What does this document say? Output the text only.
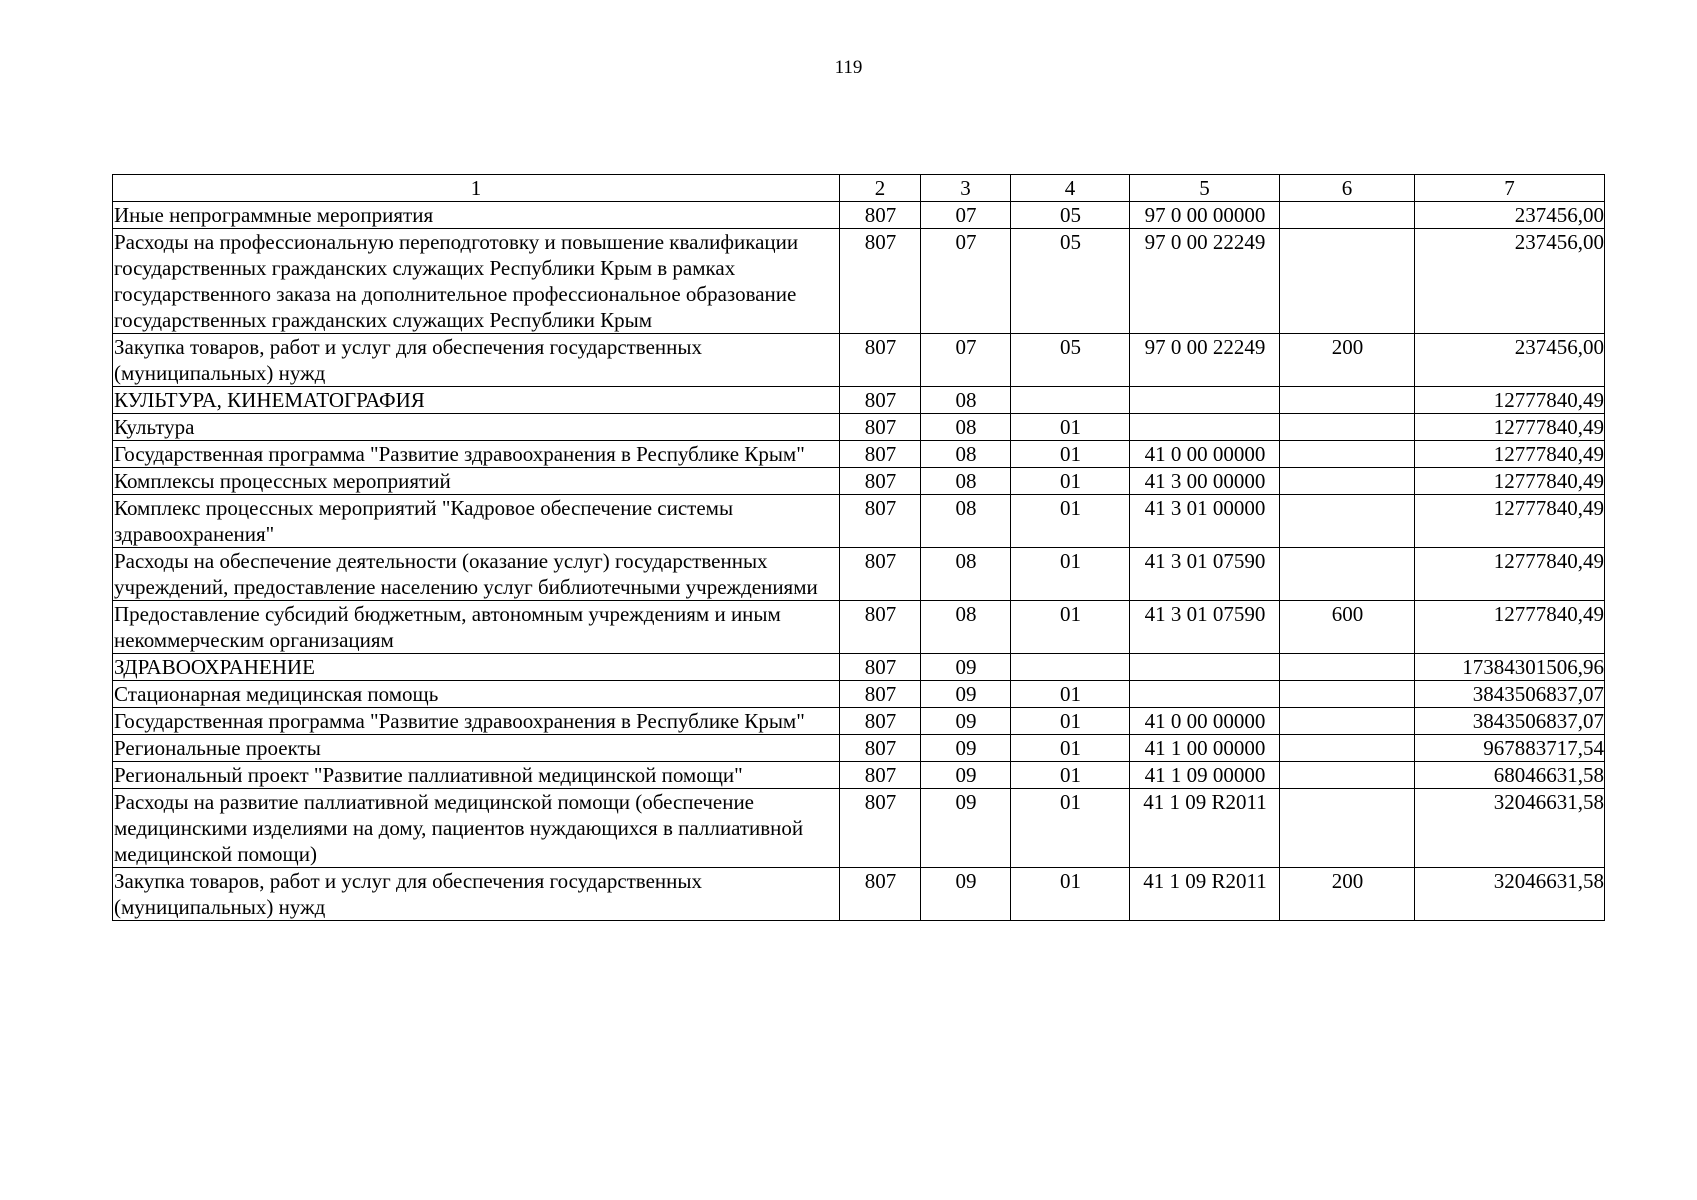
119
1	2	3	4	5	6	7
Иные непрограммные мероприятия	807	07	05	97 0 00 00000		237456,00
Расходы на профессиональную переподготовку и повышение квалификации государственных гражданских служащих Республики Крым в рамках государственного заказа на дополнительное профессиональное образование государственных гражданских служащих Республики Крым	807	07	05	97 0 00 22249		237456,00
Закупка товаров, работ и услуг для обеспечения государственных (муниципальных) нужд	807	07	05	97 0 00 22249	200	237456,00
КУЛЬТУРА, КИНЕМАТОГРАФИЯ	807	08				12777840,49
Культура	807	08	01			12777840,49
Государственная программа "Развитие здравоохранения в Республике Крым"	807	08	01	41 0 00 00000		12777840,49
Комплексы процессных мероприятий	807	08	01	41 3 00 00000		12777840,49
Комплекс процессных мероприятий "Кадровое обеспечение системы здравоохранения"	807	08	01	41 3 01 00000		12777840,49
Расходы на обеспечение деятельности (оказание услуг) государственных учреждений, предоставление населению услуг библиотечными учреждениями	807	08	01	41 3 01 07590		12777840,49
Предоставление субсидий бюджетным, автономным учреждениям и иным некоммерческим организациям	807	08	01	41 3 01 07590	600	12777840,49
ЗДРАВООХРАНЕНИЕ	807	09				17384301506,96
Стационарная медицинская помощь	807	09	01			3843506837,07
Государственная программа "Развитие здравоохранения в Республике Крым"	807	09	01	41 0 00 00000		3843506837,07
Региональные проекты	807	09	01	41 1 00 00000		967883717,54
Региональный проект "Развитие паллиативной медицинской помощи"	807	09	01	41 1 09 00000		68046631,58
Расходы на развитие паллиативной медицинской помощи (обеспечение медицинскими изделиями на дому, пациентов нуждающихся в паллиативной медицинской помощи)	807	09	01	41 1 09 R2011		32046631,58
Закупка товаров, работ и услуг для обеспечения государственных (муниципальных) нужд	807	09	01	41 1 09 R2011	200	32046631,58
